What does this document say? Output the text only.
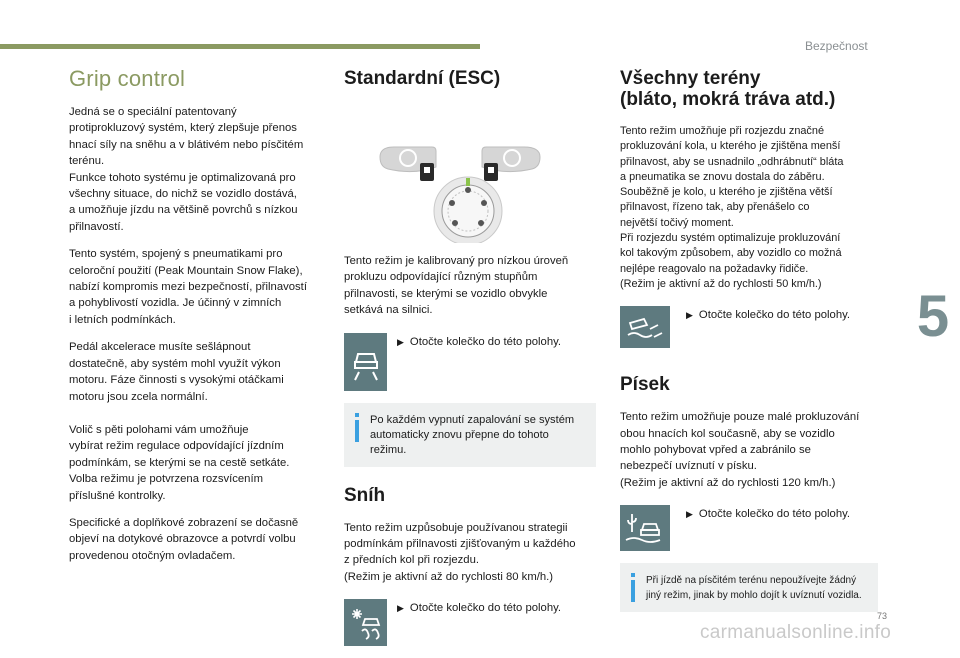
Bezpečnost
5
Grip control

Jedná se o speciální patentovaný
protiprokluzový systém, který zlepšuje přenos
hnací síly na sněhu a v blátivém nebo písčitém
terénu.
Funkce tohoto systému je optimalizovaná pro
všechny situace, do nichž se vozidlo dostává,
a umožňuje jízdu na většině povrchů s nízkou
přilnavostí.

Tento systém, spojený s pneumatikami pro
celoroční použití (Peak Mountain Snow Flake),
nabízí kompromis mezi bezpečností, přilnavostí
a pohyblivostí vozidla. Je účinný v zimních
i letních podmínkách.

Pedál akcelerace musíte sešlápnout
dostatečně, aby systém mohl využít výkon
motoru. Fáze činnosti s vysokými otáčkami
motoru jsou zcela normální.

Volič s pěti polohami vám umožňuje
vybírat režim regulace odpovídající jízdním
podmínkám, se kterými se na cestě setkáte.
Volba režimu je potvrzena rozsvícením
příslušné kontrolky.

Specifické a doplňkové zobrazení se dočasně
objeví na dotykové obrazovce a potvrdí volbu
provedenou otočným ovladačem.

Standardní (ESC)

Tento režim je kalibrovaný pro nízkou úroveň
prokluzu odpovídající různým stupňům
přilnavosti, se kterými se vozidlo obvykle
setkává na silnici.

▶ Otočte kolečko do této polohy.
Po každém vypnutí zapalování se systém
automaticky znovu přepne do tohoto
režimu.
Sníh

Tento režim uzpůsobuje používanou strategii
podmínkám přilnavosti zjišťovaným u každého
z předních kol při rozjezdu.
(Režim je aktivní až do rychlosti 80 km/h.)

▶ Otočte kolečko do této polohy.
Všechny terény
(bláto, mokrá tráva atd.)

Tento režim umožňuje při rozjezdu značné
prokluzování kola, u kterého je zjištěna menší
přilnavost, aby se usnadnilo „odhrábnutí“ bláta
a pneumatika se znovu dostala do záběru.
Souběžně je kolo, u kterého je zjištěna větší
přilnavost, řízeno tak, aby přenášelo co
největší točivý moment.
Při rozjezdu systém optimalizuje prokluzování
kol takovým způsobem, aby vozidlo co možná
nejlépe reagovalo na požadavky řidiče.
(Režim je aktivní až do rychlosti 50 km/h.)

▶ Otočte kolečko do této polohy.
Písek

Tento režim umožňuje pouze malé prokluzování
obou hnacích kol současně, aby se vozidlo
mohlo pohybovat vpřed a zabránilo se
nebezpečí uvíznutí v písku.
(Režim je aktivní až do rychlosti 120 km/h.)

▶ Otočte kolečko do této polohy.
Při jízdě na písčitém terénu nepoužívejte žádný
jiný režim, jinak by mohlo dojít k uvíznutí vozidla.
73
carmanualsonline.info
